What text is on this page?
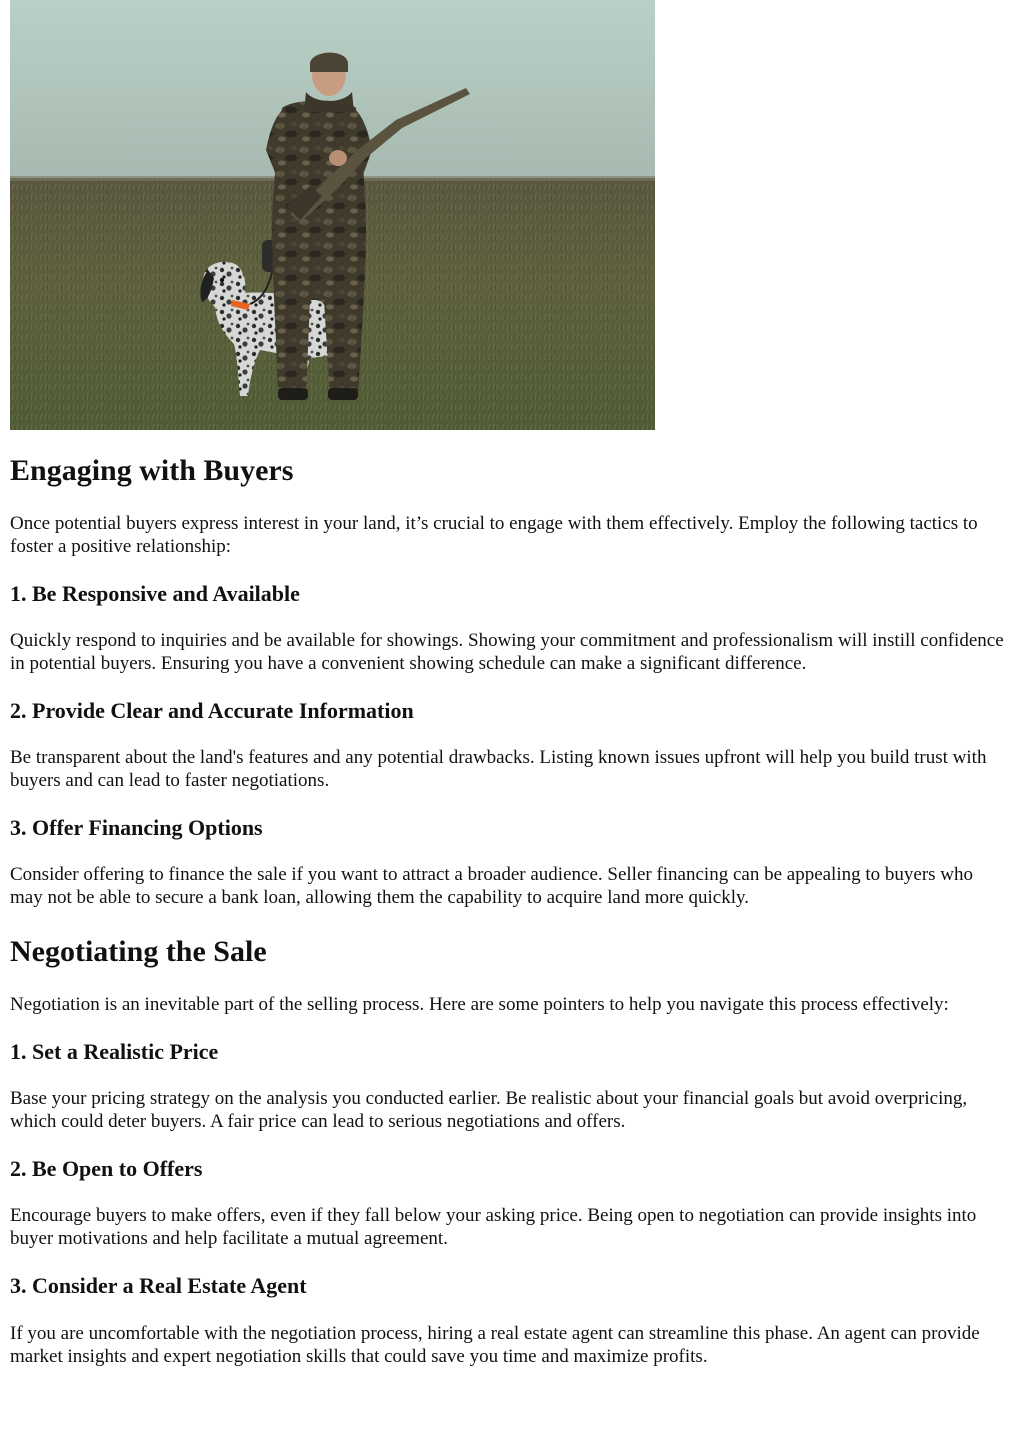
Engaging with Buyers

Once potential buyers express interest in your land, it’s crucial to engage with them effectively. Employ the following tactics to foster a positive relationship:

1. Be Responsive and Available

Quickly respond to inquiries and be available for showings. Showing your commitment and professionalism will instill confidence in potential buyers. Ensuring you have a convenient showing schedule can make a significant difference.

2. Provide Clear and Accurate Information

Be transparent about the land's features and any potential drawbacks. Listing known issues upfront will help you build trust with buyers and can lead to faster negotiations.

3. Offer Financing Options

Consider offering to finance the sale if you want to attract a broader audience. Seller financing can be appealing to buyers who may not be able to secure a bank loan, allowing them the capability to acquire land more quickly.

Negotiating the Sale

Negotiation is an inevitable part of the selling process. Here are some pointers to help you navigate this process effectively:

1. Set a Realistic Price

Base your pricing strategy on the analysis you conducted earlier. Be realistic about your financial goals but avoid overpricing, which could deter buyers. A fair price can lead to serious negotiations and offers.

2. Be Open to Offers

Encourage buyers to make offers, even if they fall below your asking price. Being open to negotiation can provide insights into buyer motivations and help facilitate a mutual agreement.

3. Consider a Real Estate Agent

If you are uncomfortable with the negotiation process, hiring a real estate agent can streamline this phase. An agent can provide market insights and expert negotiation skills that could save you time and maximize profits.
